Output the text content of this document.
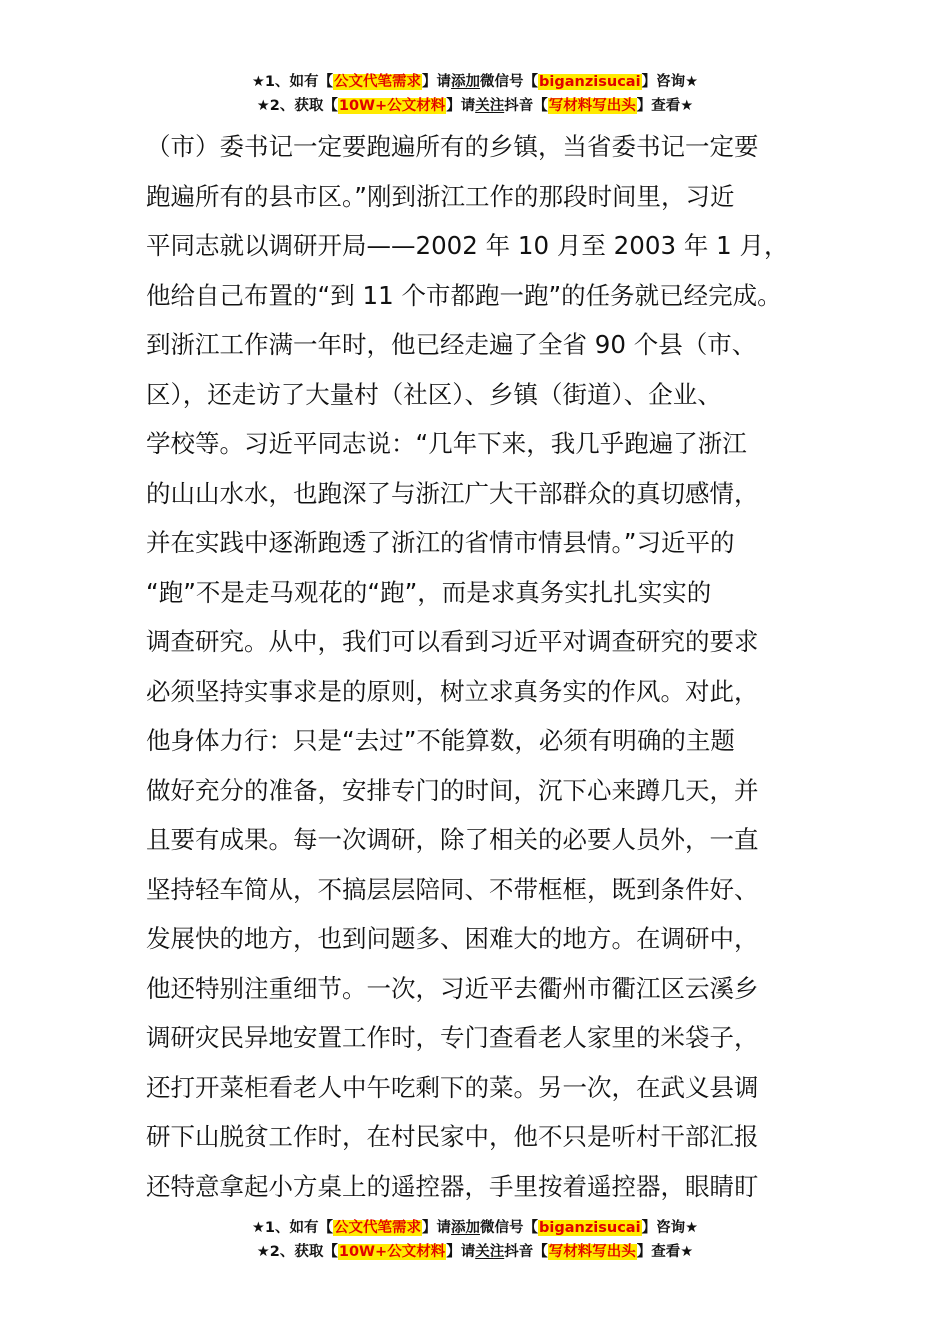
★1、如有【公文代笔需求】请添加微信号【biganzisucai】咨询★
★2、获取【10W+公文材料】请关注抖音【写材料写出头】查看★
（市）委书记一定要跑遍所有的乡镇，当省委书记一定要
跑遍所有的县市区。”刚到浙江工作的那段时间里，习近
平同志就以调研开局——2002 年 10 月至 2003 年 1 月，
他给自己布置的“到 11 个市都跑一跑”的任务就已经完成。
到浙江工作满一年时，他已经走遍了全省 90 个县（市、
区），还走访了大量村（社区）、乡镇（街道）、企业、
学校等。习近平同志说：“几年下来，我几乎跑遍了浙江
的山山水水，也跑深了与浙江广大干部群众的真切感情，
并在实践中逐渐跑透了浙江的省情市情县情。”习近平的
“跑”不是走马观花的“跑”，而是求真务实扎扎实实的
调查研究。从中，我们可以看到习近平对调查研究的要求
必须坚持实事求是的原则，树立求真务实的作风。对此，
他身体力行：只是“去过”不能算数，必须有明确的主题
做好充分的准备，安排专门的时间，沉下心来蹲几天，并
且要有成果。每一次调研，除了相关的必要人员外，一直
坚持轻车简从，不搞层层陪同、不带框框，既到条件好、
发展快的地方，也到问题多、困难大的地方。在调研中，
他还特别注重细节。一次，习近平去衢州市衢江区云溪乡
调研灾民异地安置工作时，专门查看老人家里的米袋子，
还打开菜柜看老人中午吃剩下的菜。另一次，在武义县调
研下山脱贫工作时，在村民家中，他不只是听村干部汇报
还特意拿起小方桌上的遥控器，手里按着遥控器，眼睛盯
★1、如有【公文代笔需求】请添加微信号【biganzisucai】咨询★
★2、获取【10W+公文材料】请关注抖音【写材料写出头】查看★
